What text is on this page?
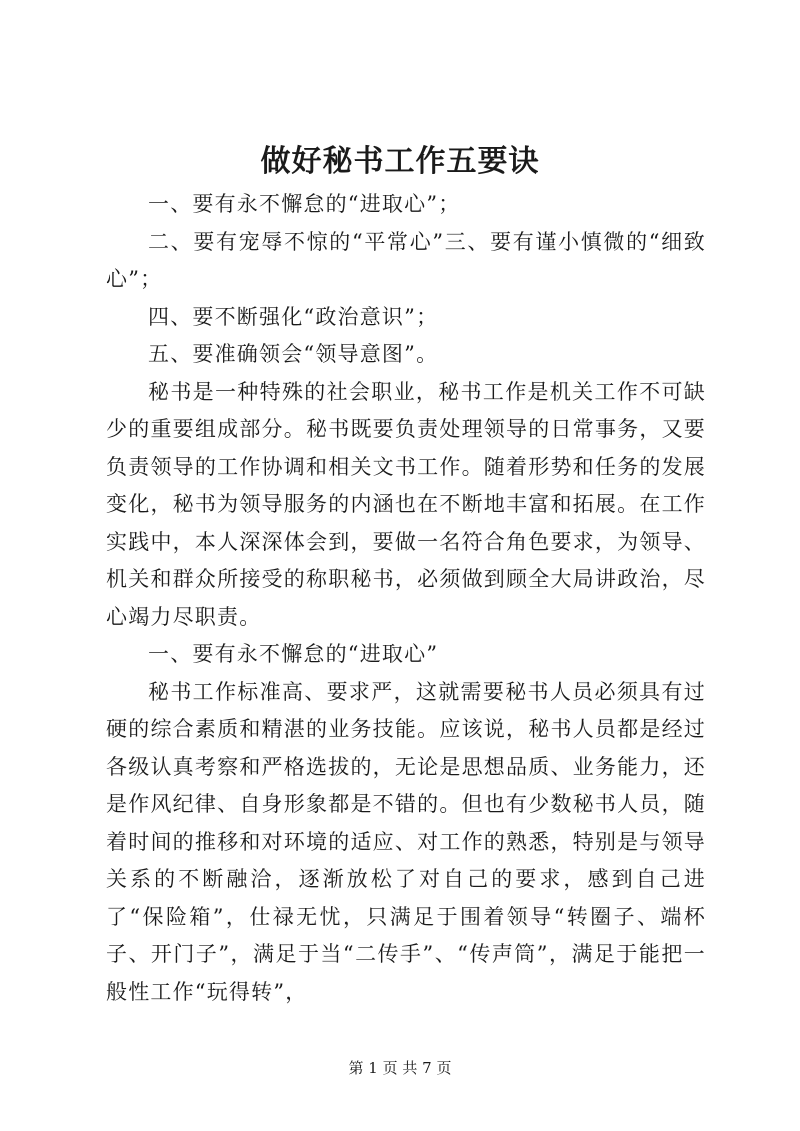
做好秘书工作五要诀

一、要有永不懈怠的“进取心”；

二、要有宠辱不惊的“平常心”三、要有谨小慎微的“细致心”；

四、要不断强化“政治意识”；

五、要准确领会“领导意图”。

秘书是一种特殊的社会职业，秘书工作是机关工作不可缺少的重要组成部分。秘书既要负责处理领导的日常事务，又要负责领导的工作协调和相关文书工作。随着形势和任务的发展变化，秘书为领导服务的内涵也在不断地丰富和拓展。在工作实践中，本人深深体会到，要做一名符合角色要求，为领导、机关和群众所接受的称职秘书，必须做到顾全大局讲政治，尽心竭力尽职责。

一、要有永不懈怠的“进取心”

秘书工作标准高、要求严，这就需要秘书人员必须具有过硬的综合素质和精湛的业务技能。应该说，秘书人员都是经过各级认真考察和严格选拔的，无论是思想品质、业务能力，还是作风纪律、自身形象都是不错的。但也有少数秘书人员，随着时间的推移和对环境的适应、对工作的熟悉，特别是与领导关系的不断融洽，逐渐放松了对自己的要求，感到自己进了“保险箱”，仕禄无忧，只满足于围着领导“转圈子、端杯子、开门子”，满足于当“二传手”、“传声筒”，满足于能把一般性工作“玩得转”，

第 1 页 共 7 页
